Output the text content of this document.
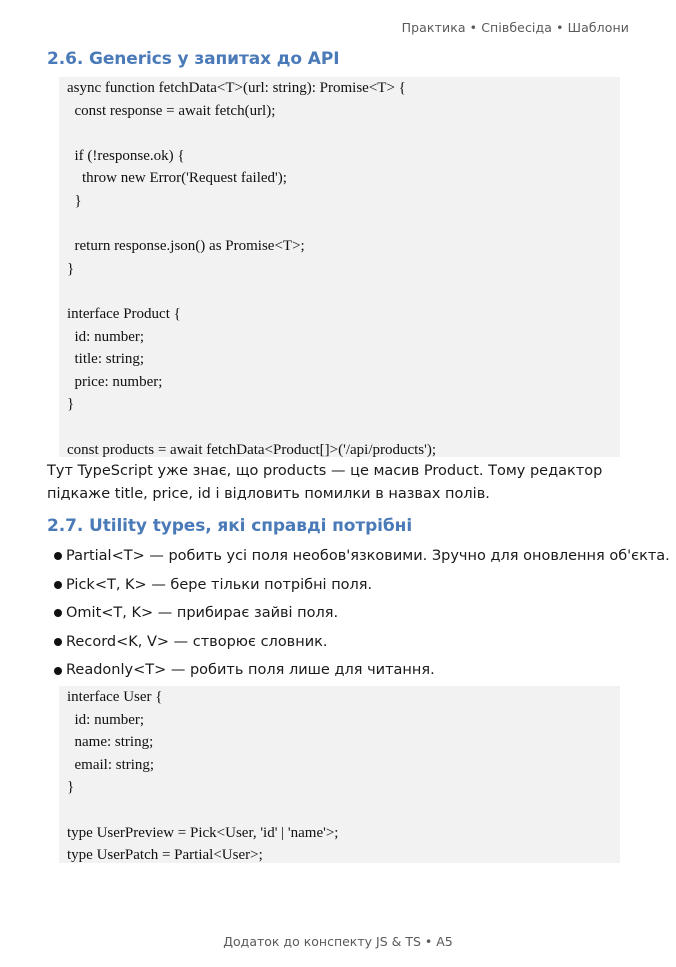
Практика • Співбесіда • Шаблони
2.6. Generics у запитах до API
async function fetchData<T>(url: string): Promise<T> {
const response = await fetch(url);
if (!response.ok) {
throw new Error('Request failed');
}
return response.json() as Promise<T>;
}
interface Product {
id: number;
title: string;
price: number;
}
const products = await fetchData<Product[]>('/api/products');
Тут TypeScript уже знає, що products — це масив Product. Тому редактор підкаже title, price, id і відловить помилки в назвах полів.
2.7. Utility types, які справді потрібні
Partial<T> — робить усі поля необов'язковими. Зручно для оновлення об'єкта.
Pick<T, K> — бере тільки потрібні поля.
Omit<T, K> — прибирає зайві поля.
Record<K, V> — створює словник.
Readonly<T> — робить поля лише для читання.
interface User {
id: number;
name: string;
email: string;
}
type UserPreview = Pick<User, 'id' | 'name'>;
type UserPatch = Partial<User>;
Додаток до конспекту JS & TS • A5
